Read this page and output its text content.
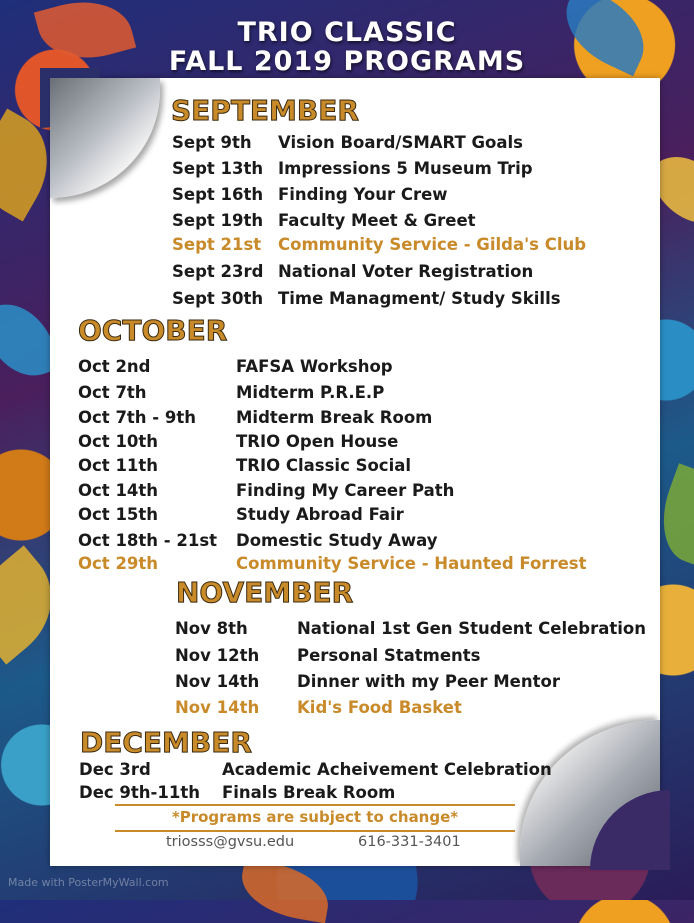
TRIO CLASSIC
FALL 2019 PROGRAMS
SEPTEMBER
Sept 9th Vision Board/SMART Goals
Sept 13th Impressions 5 Museum Trip
Sept 16th Finding Your Crew
Sept 19th Faculty Meet & Greet
Sept 21st Community Service - Gilda's Club
Sept 23rd National Voter Registration
Sept 30th Time Managment/ Study Skills
OCTOBER
Oct 2nd	FAFSA Workshop
Oct 7th	Midterm P.R.E.P
Oct 7th - 9th Midterm Break Room
Oct 10th	TRIO Open House
Oct 11th	TRIO Classic Social
Oct 14th	Finding My Career Path
Oct 15th	Study Abroad Fair
Oct 18th - 21st Domestic Study Away
Oct 29th	Community Service - Haunted Forrest
NOVEMBER
Nov 8th	National 1st Gen Student Celebration
Nov 12th Personal Statments
Nov 14th Dinner with my Peer Mentor
Nov 14th Kid's Food Basket
DECEMBER
Dec 3rd	Academic Acheivement Celebration
Dec 9th-11th Finals Break Room
*Programs are subject to change*
triosss@gvsu.edu	616-331-3401
Made with PosterMyWall.com
